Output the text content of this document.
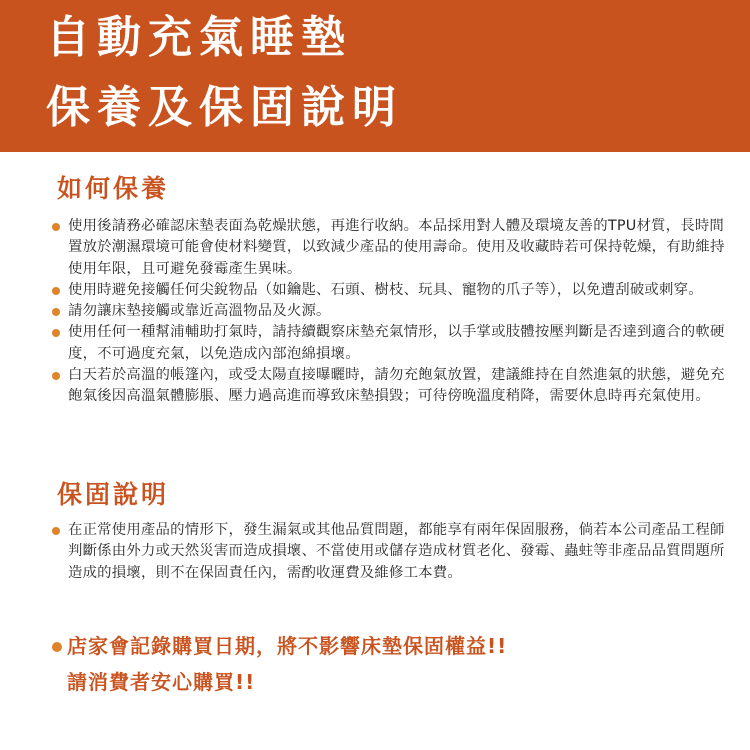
自動充氣睡墊
保養及保固說明
如何保養
使用後請務必確認床墊表面為乾燥狀態，再進行收納。本品採用對人體及環境友善的TPU材質，長時間置放於潮濕環境可能會使材料變質，以致減少產品的使用壽命。使用及收藏時若可保持乾燥，有助維持使用年限，且可避免發霉產生異味。
使用時避免接觸任何尖銳物品（如鑰匙、石頭、樹枝、玩具、寵物的爪子等），以免遭刮破或刺穿。
請勿讓床墊接觸或靠近高溫物品及火源。
使用任何一種幫浦輔助打氣時，請持續觀察床墊充氣情形，以手掌或肢體按壓判斷是否達到適合的軟硬度，不可過度充氣，以免造成內部泡綿損壞。
白天若於高溫的帳篷內，或受太陽直接曝曬時，請勿充飽氣放置，建議維持在自然進氣的狀態，避免充飽氣後因高溫氣體膨脹、壓力過高進而導致床墊損毀；可待傍晚溫度稍降，需要休息時再充氣使用。
保固說明
在正常使用產品的情形下，發生漏氣或其他品質問題，都能享有兩年保固服務，倘若本公司產品工程師判斷係由外力或天然災害而造成損壞、不當使用或儲存造成材質老化、發霉、蟲蛀等非產品品質問題所造成的損壞，則不在保固責任內，需酌收運費及維修工本費。
店家會記錄購買日期，將不影響床墊保固權益!!
請消費者安心購買!!
